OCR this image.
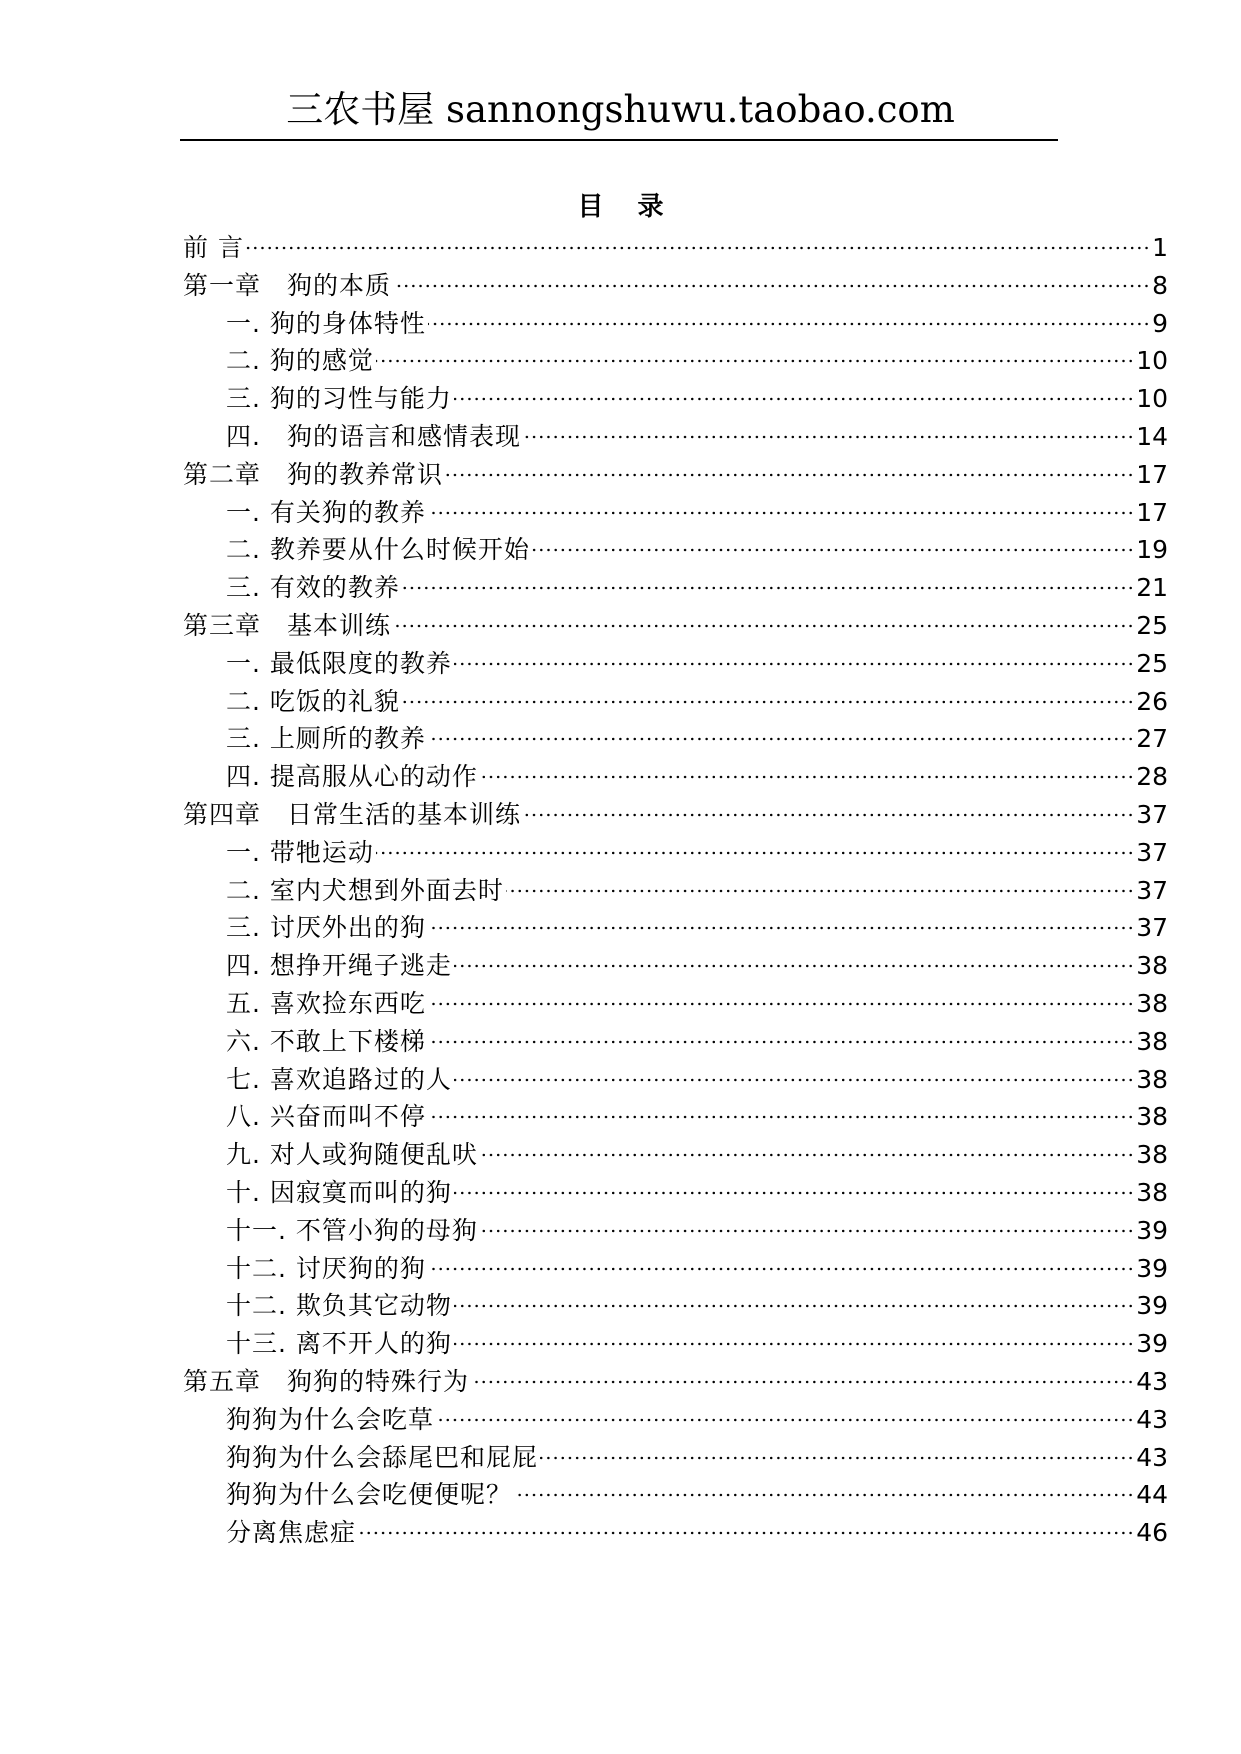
三农书屋 sannongshuwu.taobao.com
目录
前 言	1
第一章　狗的本质	8
一. 狗的身体特性	9
二. 狗的感觉	10
三. 狗的习性与能力	10
四.　狗的语言和感情表现	14
第二章　狗的教养常识	17
一. 有关狗的教养	17
二. 教养要从什么时候开始	19
三. 有效的教养	21
第三章　基本训练	25
一. 最低限度的教养	25
二. 吃饭的礼貌	26
三. 上厕所的教养	27
四. 提高服从心的动作	28
第四章　日常生活的基本训练	37
一. 带牠运动	37
二. 室内犬想到外面去时	37
三. 讨厌外出的狗	37
四. 想挣开绳子逃走	38
五. 喜欢捡东西吃	38
六. 不敢上下楼梯	38
七. 喜欢追路过的人	38
八. 兴奋而叫不停	38
九. 对人或狗随便乱吠	38
十. 因寂寞而叫的狗	38
十一. 不管小狗的母狗	39
十二. 讨厌狗的狗	39
十二. 欺负其它动物	39
十三. 离不开人的狗	39
第五章　狗狗的特殊行为	43
狗狗为什么会吃草	43
狗狗为什么会舔尾巴和屁屁	43
狗狗为什么会吃便便呢？	44
分离焦虑症	46
